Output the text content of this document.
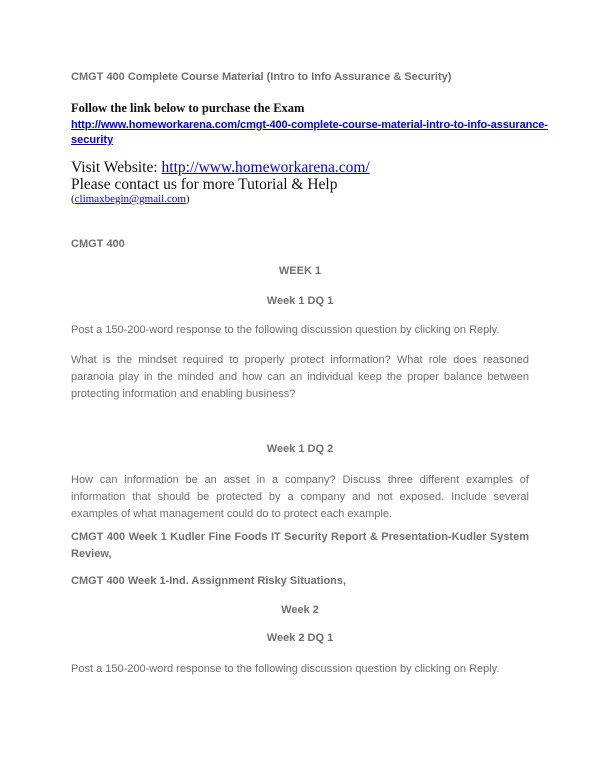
CMGT 400 Complete Course Material (Intro to Info Assurance & Security)

Follow the link below to purchase the Exam

http://www.homeworkarena.com/cmgt-400-complete-course-material-intro-to-info-assurance-
security

Visit Website: http://www.homeworkarena.com/

Please contact us for more Tutorial & Help

(climaxbegin@gmail.com)

CMGT 400

WEEK 1

Week 1 DQ 1

Post a 150-200-word response to the following discussion question by clicking on Reply.

What is the mindset required to properly protect information? What role does reasoned paranoia play in the minded and how can an individual keep the proper balance between protecting information and enabling business?

Week 1 DQ 2

How can information be an asset in a company? Discuss three different examples of information that should be protected by a company and not exposed. Include several examples of what management could do to protect each example.

CMGT 400 Week 1 Kudler Fine Foods IT Security Report & Presentation-Kudler System Review,

CMGT 400 Week 1-Ind. Assignment Risky Situations,

Week 2

Week 2 DQ 1

Post a 150-200-word response to the following discussion question by clicking on Reply.
